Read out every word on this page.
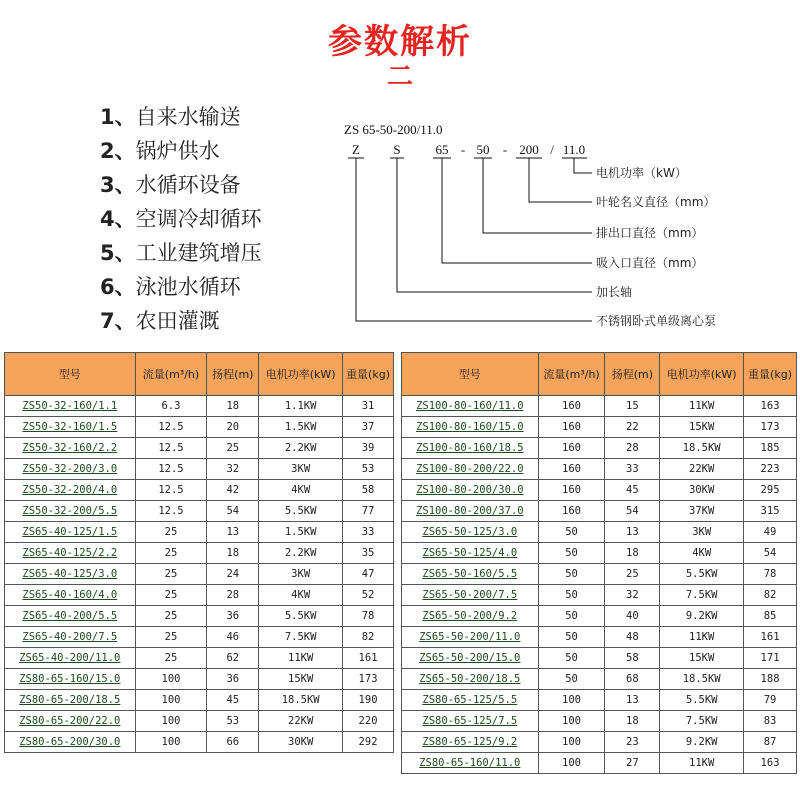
参数解析
二
1、自来水输送
2、锅炉供水
3、水循环设备
4、空调冷却循环
5、工业建筑增压
6、泳池水循环
7、农田灌溉
ZS 65-50-200/11.0
Z	S	65 - 50 - 200 / 11.0
电机功率（kW）
叶轮名义直径（mm）
排出口直径（mm）
吸入口直径（mm）
加长轴
不锈钢卧式单级离心泵
型号	流量(m³/h)	扬程(m)	电机功率(kW)	重量(kg)
ZS50-32-160/1.1	6.3	18	1.1KW	31
ZS50-32-160/1.5	12.5	20	1.5KW	37
ZS50-32-160/2.2	12.5	25	2.2KW	39
ZS50-32-200/3.0	12.5	32	3KW	53
ZS50-32-200/4.0	12.5	42	4KW	58
ZS50-32-200/5.5	12.5	54	5.5KW	77
ZS65-40-125/1.5	25	13	1.5KW	33
ZS65-40-125/2.2	25	18	2.2KW	35
ZS65-40-125/3.0	25	24	3KW	47
ZS65-40-160/4.0	25	28	4KW	52
ZS65-40-200/5.5	25	36	5.5KW	78
ZS65-40-200/7.5	25	46	7.5KW	82
ZS65-40-200/11.0	25	62	11KW	161
ZS80-65-160/15.0	100	36	15KW	173
ZS80-65-200/18.5	100	45	18.5KW	190
ZS80-65-200/22.0	100	53	22KW	220
ZS80-65-200/30.0	100	66	30KW	292
型号	流量(m³/h)	扬程(m)	电机功率(kW)	重量(kg)
ZS100-80-160/11.0	160	15	11KW	163
ZS100-80-160/15.0	160	22	15KW	173
ZS100-80-160/18.5	160	28	18.5KW	185
ZS100-80-200/22.0	160	33	22KW	223
ZS100-80-200/30.0	160	45	30KW	295
ZS100-80-200/37.0	160	54	37KW	315
ZS65-50-125/3.0	50	13	3KW	49
ZS65-50-125/4.0	50	18	4KW	54
ZS65-50-160/5.5	50	25	5.5KW	78
ZS65-50-200/7.5	50	32	7.5KW	82
ZS65-50-200/9.2	50	40	9.2KW	85
ZS65-50-200/11.0	50	48	11KW	161
ZS65-50-200/15.0	50	58	15KW	171
ZS65-50-200/18.5	50	68	18.5KW	188
ZS80-65-125/5.5	100	13	5.5KW	79
ZS80-65-125/7.5	100	18	7.5KW	83
ZS80-65-125/9.2	100	23	9.2KW	87
ZS80-65-160/11.0	100	27	11KW	163
